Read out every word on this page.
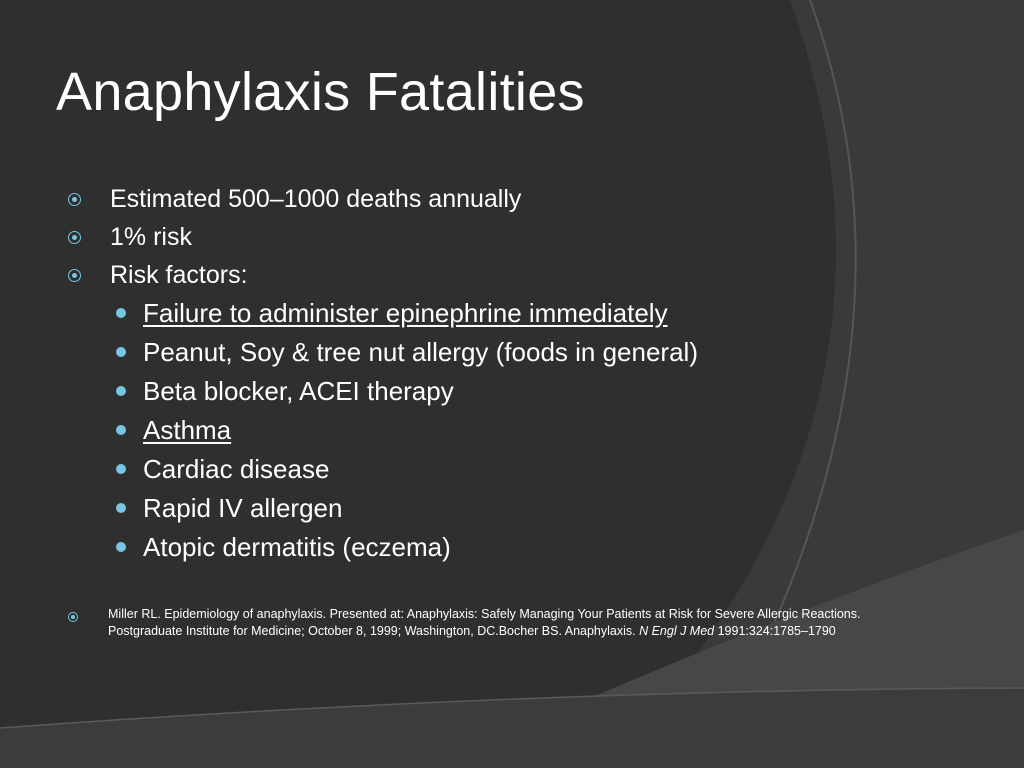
Anaphylaxis Fatalities
Estimated 500–1000 deaths annually
1% risk
Risk factors:
Failure to administer epinephrine immediately
Peanut, Soy & tree nut allergy (foods in general)
Beta blocker, ACEI therapy
Asthma
Cardiac disease
Rapid IV allergen
Atopic dermatitis (eczema)

Miller RL. Epidemiology of anaphylaxis. Presented at: Anaphylaxis: Safely Managing Your Patients at Risk for Severe Allergic Reactions. Postgraduate Institute for Medicine; October 8, 1999; Washington, DC.Bocher BS. Anaphylaxis. N Engl J Med 1991:324:1785–1790
